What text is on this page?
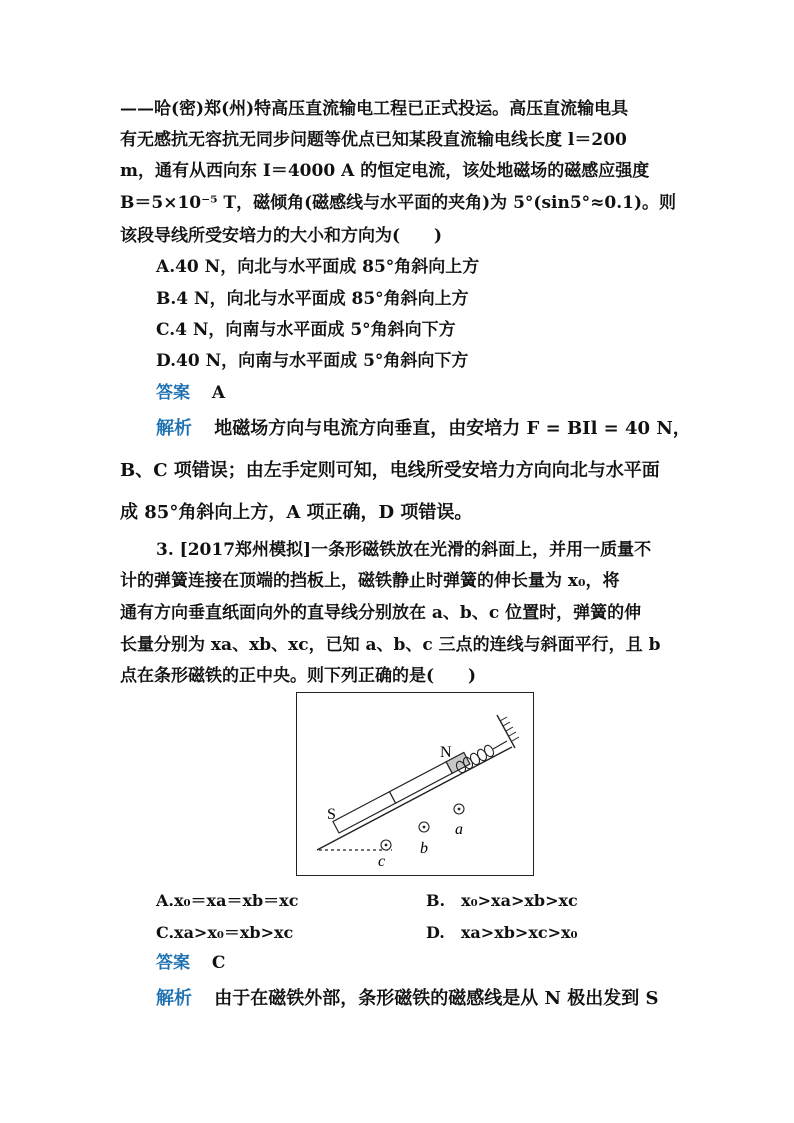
——哈(密)郑(州)特高压直流输电工程已正式投运。高压直流输电具
有无感抗无容抗无同步问题等优点已知某段直流输电线长度 l＝200
m，通有从西向东 I＝4000 A 的恒定电流，该处地磁场的磁感应强度
B＝5×10⁻⁵ T，磁倾角(磁感线与水平面的夹角)为 5°(sin5°≈0.1)。则
该段导线所受安培力的大小和方向为(　　)
A.40 N，向北与水平面成 85°角斜向上方
B.4 N，向北与水平面成 85°角斜向上方
C.4 N，向南与水平面成 5°角斜向下方
D.40 N，向南与水平面成 5°角斜向下方
答案 A
解析 地磁场方向与电流方向垂直，由安培力 F = BIl = 40 N，
B、C 项错误；由左手定则可知，电线所受安培力方向向北与水平面
成 85°角斜向上方，A 项正确，D 项错误。
3. [2017郑州模拟]一条形磁铁放在光滑的斜面上，并用一质量不
计的弹簧连接在顶端的挡板上，磁铁静止时弹簧的伸长量为 x₀，将
通有方向垂直纸面向外的直导线分别放在 a、b、c 位置时，弹簧的伸
长量分别为 xa、xb、xc，已知 a、b、c 三点的连线与斜面平行，且 b
点在条形磁铁的正中央。则下列正确的是(　　)
S
N
a
b
c
A.x₀＝xa＝xb＝xc	B.　x₀>xa>xb>xc
C.xa>x₀＝xb>xc	D.　xa>xb>xc>x₀
答案 C
解析 由于在磁铁外部，条形磁铁的磁感线是从 N 极出发到 S
